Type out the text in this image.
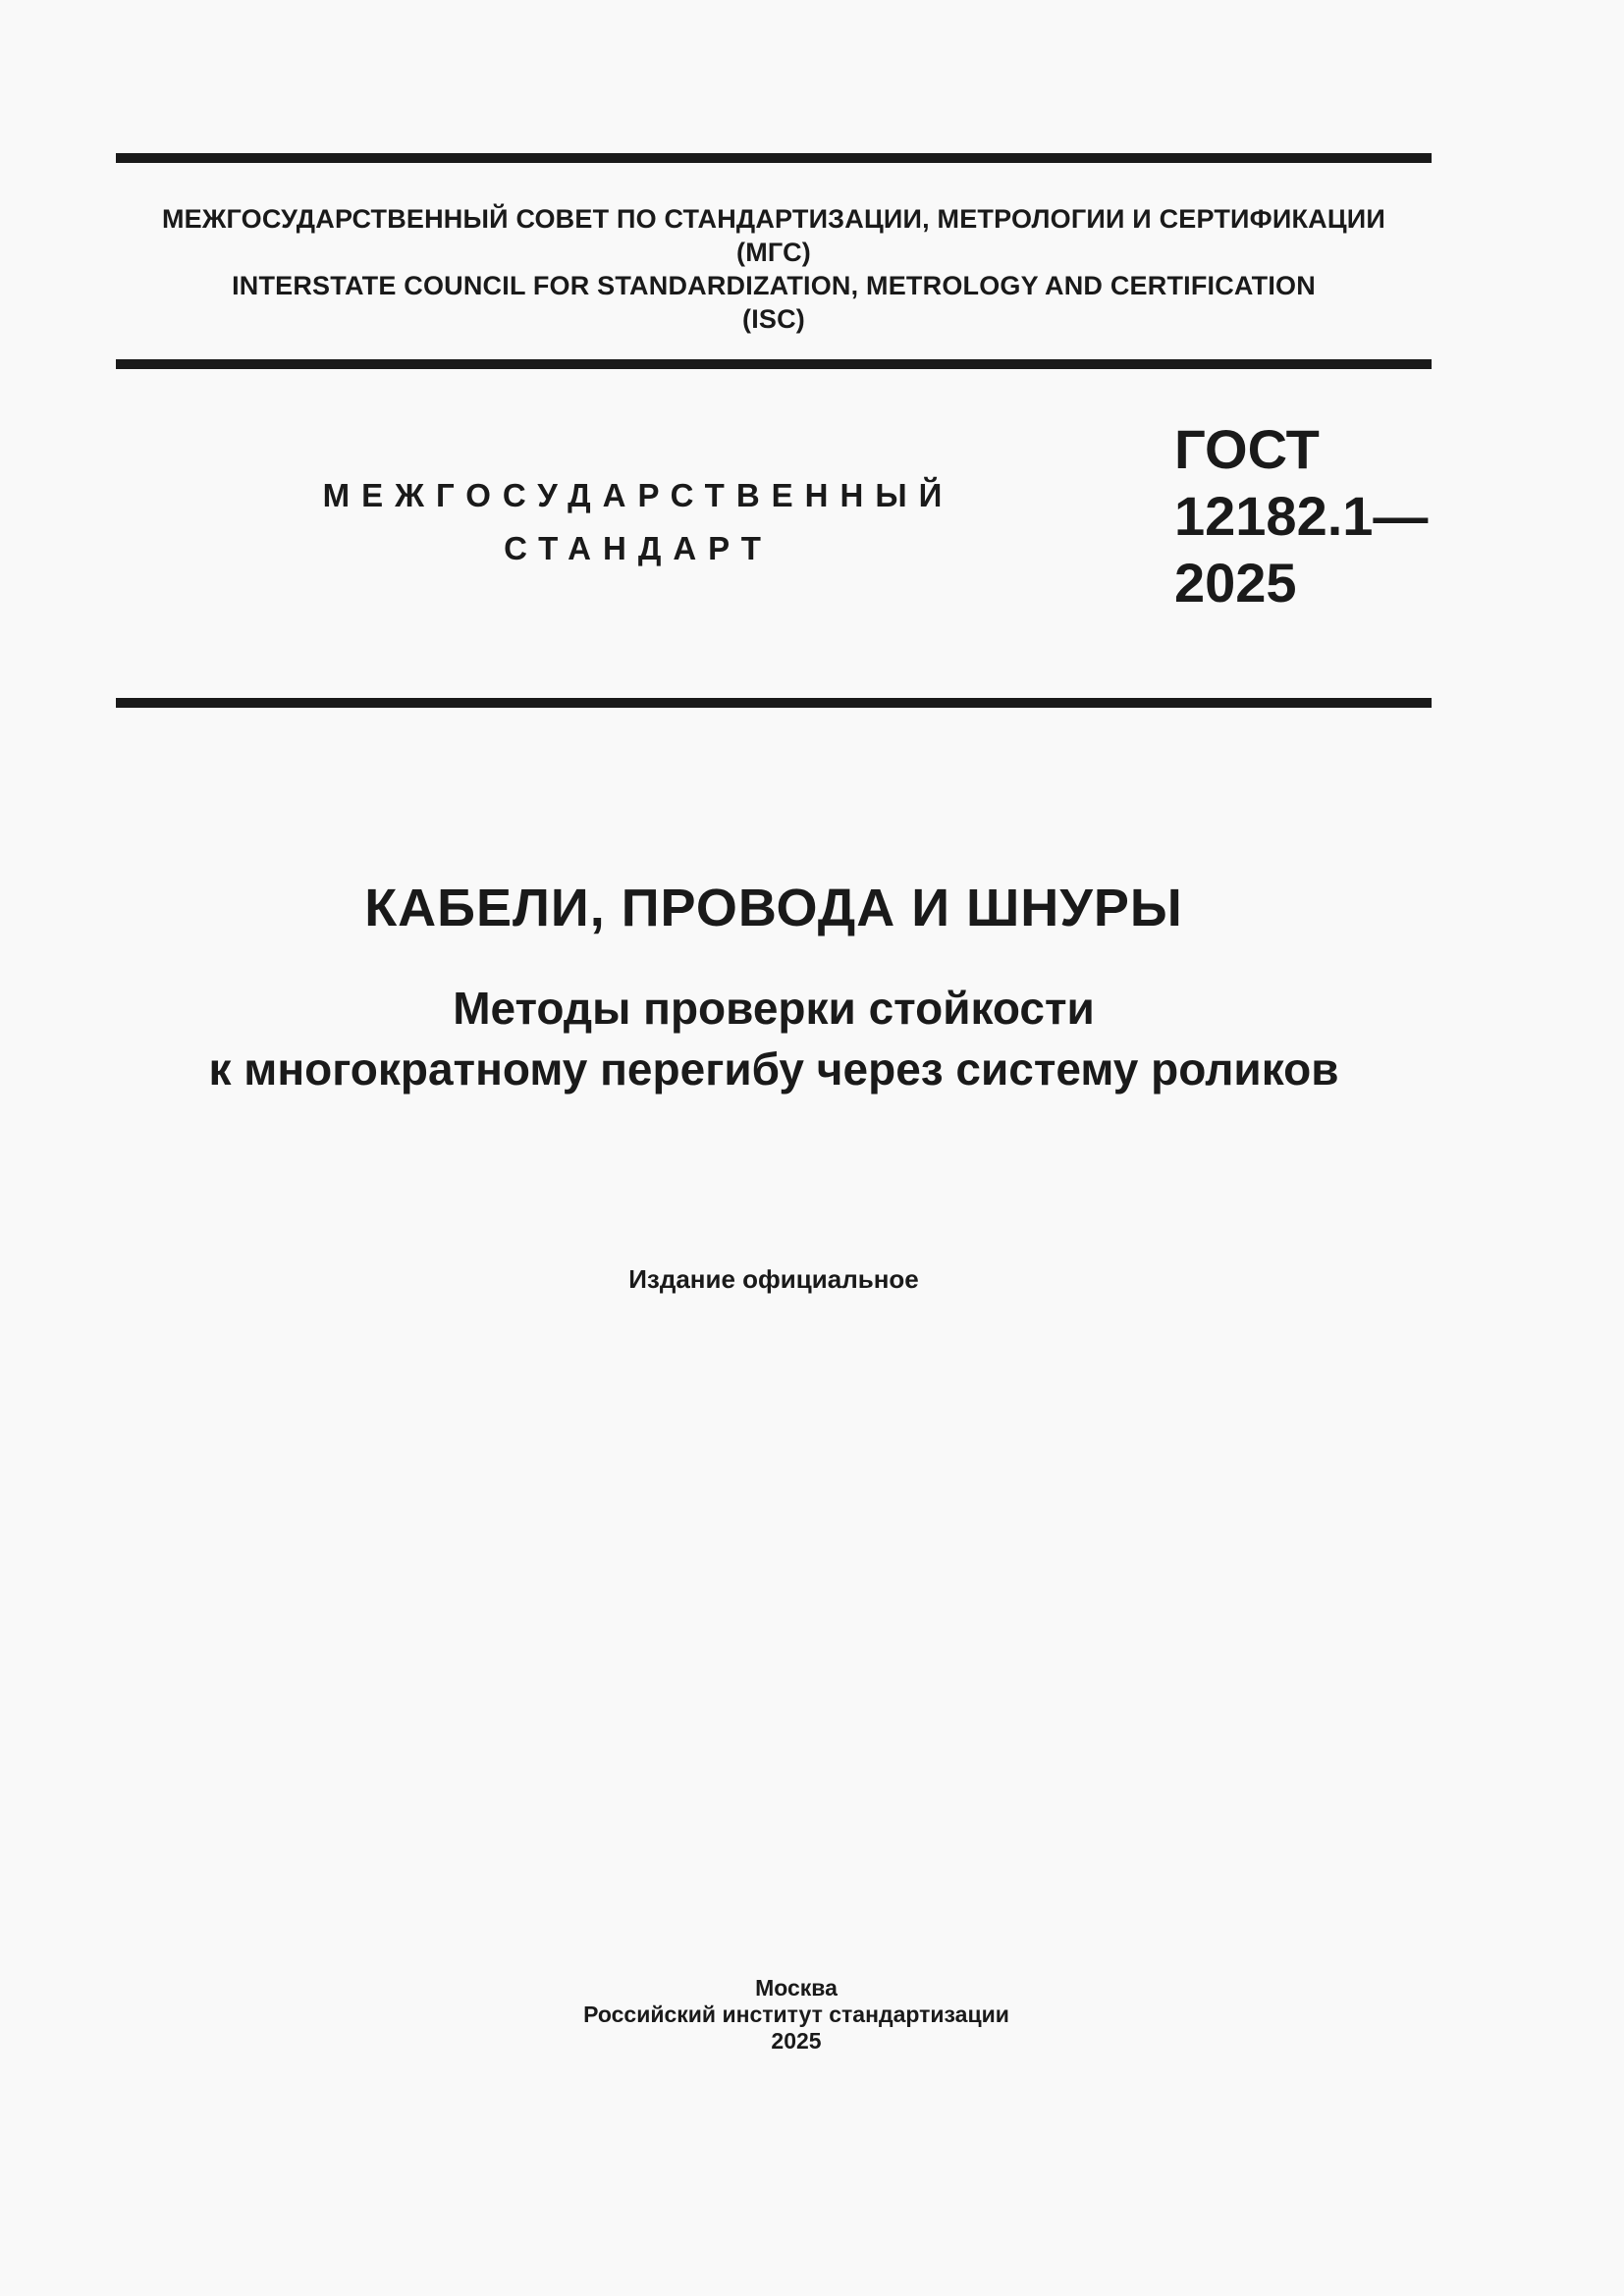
МЕЖГОСУДАРСТВЕННЫЙ СОВЕТ ПО СТАНДАРТИЗАЦИИ, МЕТРОЛОГИИ И СЕРТИФИКАЦИИ
(МГС)
INTERSTATE COUNCIL FOR STANDARDIZATION, METROLOGY AND CERTIFICATION
(ISC)
МЕЖГОСУДАРСТВЕННЫЙ
СТАНДАРТ
ГОСТ
12182.1—
2025
КАБЕЛИ, ПРОВОДА И ШНУРЫ
Методы проверки стойкости
к многократному перегибу через систему роликов
Издание официальное
Москва
Российский институт стандартизации
2025
